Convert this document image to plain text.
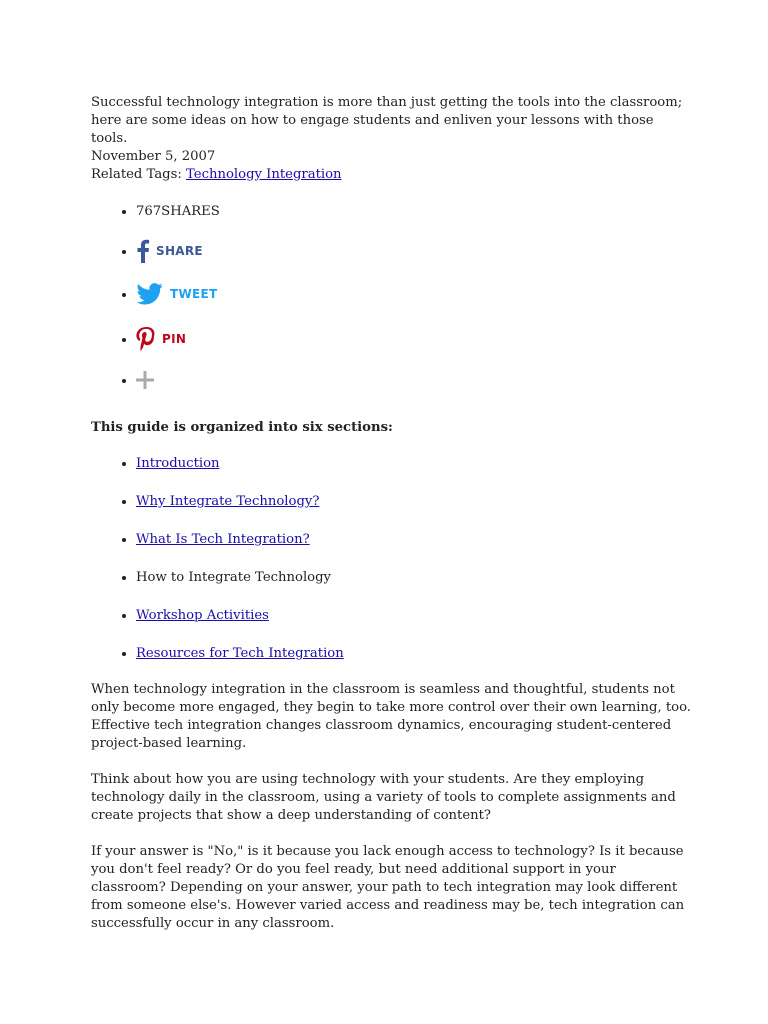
Successful technology integration is more than just getting the tools into the classroom; here are some ideas on how to engage students and enliven your lessons with those tools.

November 5, 2007

Related Tags: Technology Integration

• 767SHARES
• SHARE
• TWEET
• PIN
•

This guide is organized into six sections:

• Introduction
• Why Integrate Technology?
• What Is Tech Integration?
• How to Integrate Technology
• Workshop Activities
• Resources for Tech Integration

When technology integration in the classroom is seamless and thoughtful, students not only become more engaged, they begin to take more control over their own learning, too. Effective tech integration changes classroom dynamics, encouraging student-centered project-based learning.

Think about how you are using technology with your students. Are they employing technology daily in the classroom, using a variety of tools to complete assignments and create projects that show a deep understanding of content?

If your answer is "No," is it because you lack enough access to technology? Is it because you don't feel ready? Or do you feel ready, but need additional support in your classroom? Depending on your answer, your path to tech integration may look different from someone else's. However varied access and readiness may be, tech integration can successfully occur in any classroom.
